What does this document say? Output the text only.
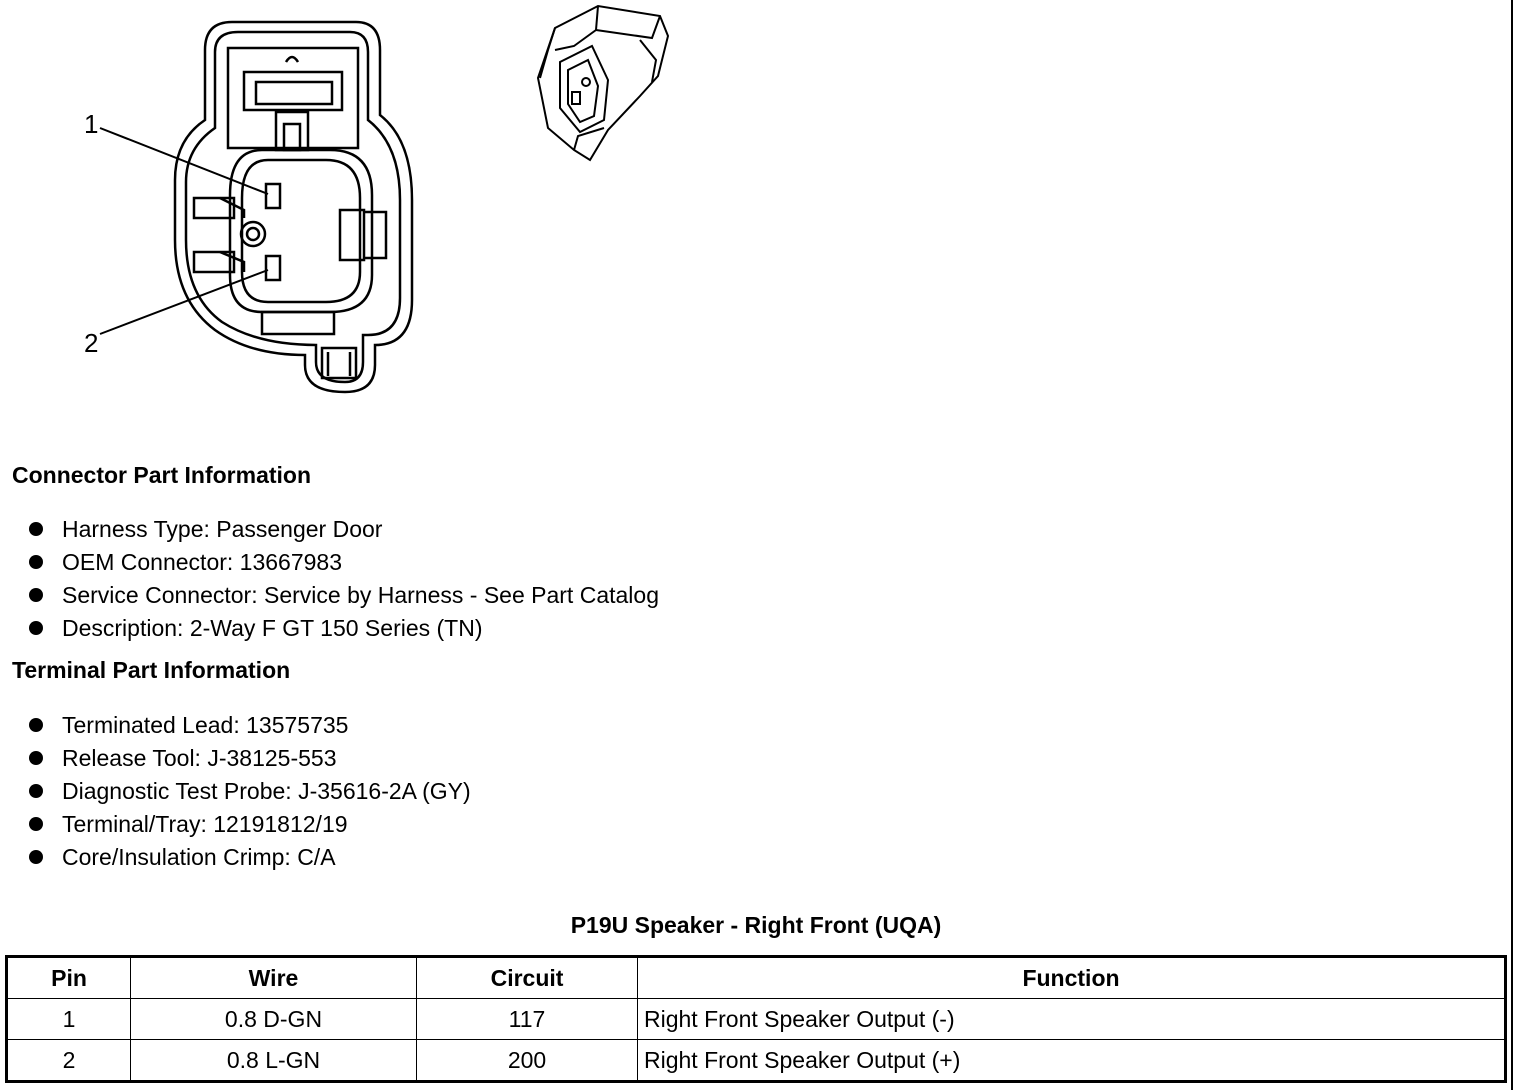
1
2
Connector Part Information
Harness Type: Passenger Door
OEM Connector: 13667983
Service Connector: Service by Harness - See Part Catalog
Description: 2-Way F GT 150 Series (TN)
Terminal Part Information
Terminated Lead: 13575735
Release Tool: J-38125-553
Diagnostic Test Probe: J-35616-2A (GY)
Terminal/Tray: 12191812/19
Core/Insulation Crimp: C/A
P19U Speaker - Right Front (UQA)
Pin	Wire	Circuit	Function
1	0.8 D-GN	117	Right Front Speaker Output (-)
2	0.8 L-GN	200	Right Front Speaker Output (+)
